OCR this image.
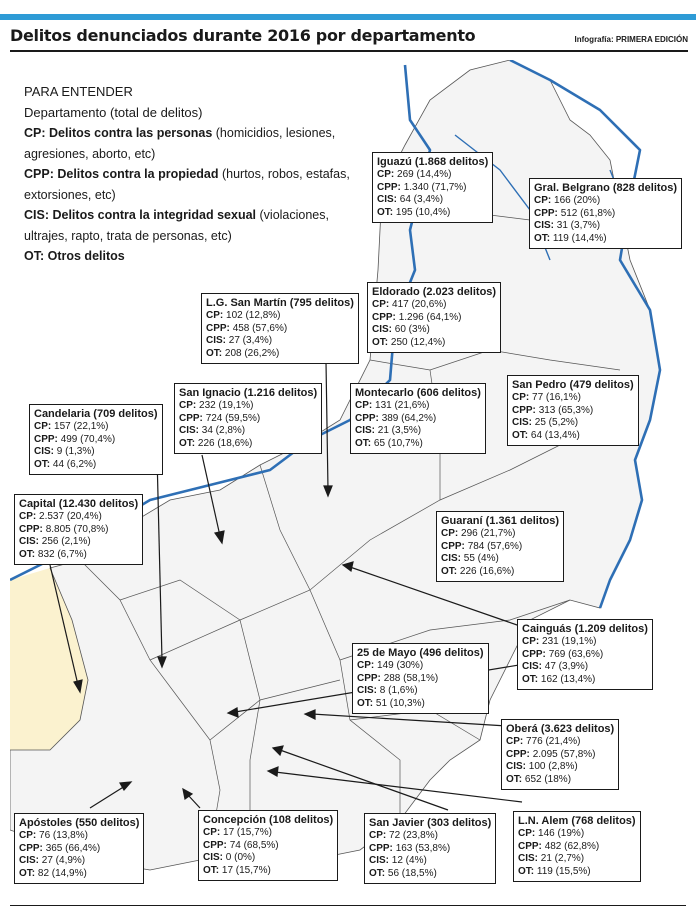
Delitos denunciados durante 2016 por departamento	Infografía: PRIMERA EDICIÓN
PARA ENTENDER
Departamento (total de delitos)
CP: Delitos contra las personas (homicidios, lesiones, agresiones, aborto, etc)
CPP: Delitos contra la propiedad (hurtos, robos, estafas, extorsiones, etc)
CIS: Delitos contra la integridad sexual (violaciones, ultrajes, rapto, trata de personas, etc)
OT: Otros delitos
Iguazú (1.868 delitos)
CP: 269 (14,4%)
CPP: 1.340 (71,7%)
CIS: 64 (3,4%)
OT: 195 (10,4%)
Gral. Belgrano (828 delitos)
CP: 166 (20%)
CPP: 512 (61,8%)
CIS: 31 (3,7%)
OT: 119 (14,4%)
Eldorado (2.023 delitos)
CP: 417 (20,6%)
CPP: 1.296 (64,1%)
CIS: 60 (3%)
OT: 250 (12,4%)
L.G. San Martín (795 delitos)
CP: 102 (12,8%)
CPP: 458 (57,6%)
CIS: 27 (3,4%)
OT: 208 (26,2%)
San Ignacio (1.216 delitos)
CP: 232 (19,1%)
CPP: 724 (59,5%)
CIS: 34 (2,8%)
OT: 226 (18,6%)
Montecarlo (606 delitos)
CP: 131 (21,6%)
CPP: 389 (64,2%)
CIS: 21 (3,5%)
OT: 65 (10,7%)
San Pedro (479 delitos)
CP: 77 (16,1%)
CPP: 313 (65,3%)
CIS: 25 (5,2%)
OT: 64 (13,4%)
Candelaria (709 delitos)
CP: 157 (22,1%)
CPP: 499 (70,4%)
CIS: 9 (1,3%)
OT: 44 (6,2%)
Capital (12.430 delitos)
CP: 2.537 (20,4%)
CPP: 8.805 (70,8%)
CIS: 256 (2,1%)
OT: 832 (6,7%)
Guaraní (1.361 delitos)
CP: 296 (21,7%)
CPP: 784 (57,6%)
CIS: 55 (4%)
OT: 226 (16,6%)
Cainguás (1.209 delitos)
CP: 231 (19,1%)
CPP: 769 (63,6%)
CIS: 47 (3,9%)
OT: 162 (13,4%)
25 de Mayo (496 delitos)
CP: 149 (30%)
CPP: 288 (58,1%)
CIS: 8 (1,6%)
OT: 51 (10,3%)
Oberá (3.623 delitos)
CP: 776 (21,4%)
CPP: 2.095 (57,8%)
CIS: 100 (2,8%)
OT: 652 (18%)
Apóstoles (550 delitos)
CP: 76 (13,8%)
CPP: 365 (66,4%)
CIS: 27 (4,9%)
OT: 82 (14,9%)
Concepción (108 delitos)
CP: 17 (15,7%)
CPP: 74 (68,5%)
CIS: 0 (0%)
OT: 17 (15,7%)
San Javier (303 delitos)
CP: 72 (23,8%)
CPP: 163 (53,8%)
CIS: 12 (4%)
OT: 56 (18,5%)
L.N. Alem (768 delitos)
CP: 146 (19%)
CPP: 482 (62,8%)
CIS: 21 (2,7%)
OT: 119 (15,5%)
